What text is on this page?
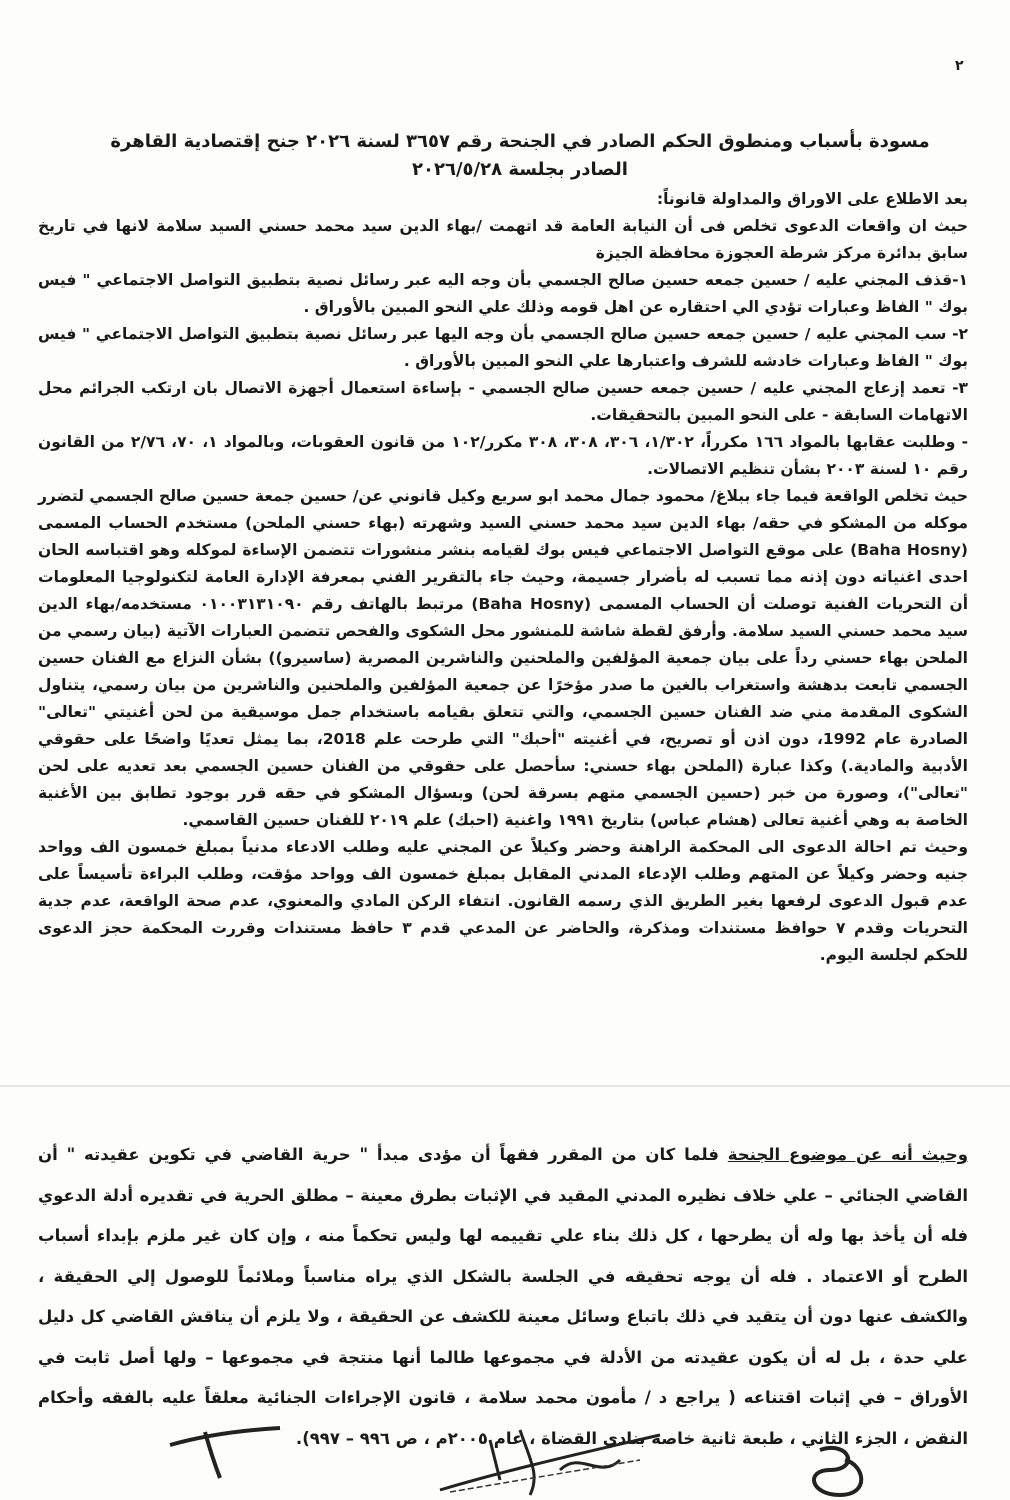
٢
مسودة بأسباب ومنطوق الحكم الصادر في الجنحة رقم ٣٦٥٧ لسنة ٢٠٢٦ جنح إقتصادية القاهرة
الصادر بجلسة ٢٠٢٦/٥/٢٨

بعد الاطلاع على الاوراق والمداولة قانوناً:

حيث ان واقعات الدعوى تخلص فى أن النيابة العامة قد اتهمت /بهاء الدين سيد محمد حسني السيد سلامة لانها في تاريخ سابق بدائرة مركز شرطة العجوزة محافظة الجيزة

١-قذف المجني عليه / حسين جمعه حسين صالح الجسمي بأن وجه اليه عبر رسائل نصية بتطبيق التواصل الاجتماعي " فيس بوك " الفاظ وعبارات تؤدي الي احتقاره عن اهل قومه وذلك علي النحو المبين بالأوراق .

٢- سب المجني عليه / حسين جمعه حسين صالح الجسمي بأن وجه اليها عبر رسائل نصية بتطبيق التواصل الاجتماعي " فيس بوك " الفاظ وعبارات خادشه للشرف واعتبارها علي النحو المبين بالأوراق .

٣- تعمد إزعاج المجني عليه / حسين جمعه حسين صالح الجسمي - بإساءة استعمال أجهزة الاتصال بان ارتكب الجرائم محل الاتهامات السابقة - على النحو المبين بالتحقيقات.

- وطلبت عقابها بالمواد ١٦٦ مكرراً، ١/٣٠٢، ٣٠٦، ٣٠٨، ٣٠٨ مكرر/١٠٢ من قانون العقوبات، وبالمواد ١، ٧٠، ٢/٧٦ من القانون رقم ١٠ لسنة ٢٠٠٣ بشأن تنظيم الاتصالات.

حيث تخلص الواقعة فيما جاء ببلاغ/ محمود جمال محمد ابو سريع وكيل قانوني عن/ حسين جمعة حسين صالح الجسمي لتضرر موكله من المشكو في حقه/ بهاء الدين سيد محمد حسني السيد وشهرته (بهاء حسني الملحن) مستخدم الحساب المسمى (Baha Hosny) على موقع التواصل الاجتماعي فيس بوك لقيامه بنشر منشورات تتضمن الإساءة لموكله وهو اقتباسه الحان احدى اغنياته دون إذنه مما تسبب له بأضرار جسيمة، وحيث جاء بالتقرير الفني بمعرفة الإدارة العامة لتكنولوجيا المعلومات أن التحريات الفنية توصلت أن الحساب المسمى (Baha Hosny) مرتبط بالهاتف رقم ٠١٠٠٣١٣١٠٩٠ مستخدمه/بهاء الدين سيد محمد حسني السيد سلامة. وأرفق لقطة شاشة للمنشور محل الشكوى والفحص تتضمن العبارات الآتية (بيان رسمي من الملحن بهاء حسني رداً على بيان جمعية المؤلفين والملحنين والناشرين المصرية (ساسيرو)) بشأن النزاع مع الفنان حسين الجسمي تابعت بدهشة واستغراب بالغين ما صدر مؤخرًا عن جمعية المؤلفين والملحنين والناشرين من بيان رسمي، يتناول الشكوى المقدمة مني ضد الفنان حسين الجسمي، والتي تتعلق بقيامه باستخدام جمل موسيقية من لحن أغنيتي "تعالى" الصادرة عام 1992، دون اذن أو تصريح، في أغنيته "أحبك" التي طرحت علم 2018، بما يمثل تعديًا واضحًا على حقوقي الأدبية والمادية.) وكذا عبارة (الملحن بهاء حسني: سأحصل على حقوقي من الفنان حسين الجسمي بعد تعديه على لحن "تعالى")، وصورة من خبر (حسين الجسمي متهم بسرقة لحن) وبسؤال المشكو في حقه قرر بوجود تطابق بين الأغنية الخاصة به وهي أغنية تعالى (هشام عباس) بتاريخ ١٩٩١ واغنية (احبك) علم ٢٠١٩ للفنان حسين القاسمي.

وحيث تم احالة الدعوى الى المحكمة الراهنة وحضر وكيلاً عن المجني عليه وطلب الادعاء مدنياً بمبلغ خمسون الف وواحد جنيه وحضر وكيلاً عن المتهم وطلب الإدعاء المدني المقابل بمبلغ خمسون الف وواحد مؤقت، وطلب البراءة تأسيساً على عدم قبول الدعوى لرفعها بغير الطريق الذي رسمه القانون. انتفاء الركن المادي والمعنوي، عدم صحة الواقعة، عدم جدية التحريات وقدم ٧ حوافظ مستندات ومذكرة، والحاضر عن المدعي قدم ٣ حافظ مستندات وقررت المحكمة حجز الدعوى للحكم لجلسة اليوم.

وحيث أنه عن موضوع الجنحة فلما كان من المقرر فقهاً أن مؤدى مبدأ " حرية القاضي في تكوين عقيدته " أن القاضي الجنائي – علي خلاف نظيره المدني المقيد في الإثبات بطرق معينة – مطلق الحرية في تقديره أدلة الدعوي فله أن يأخذ بها وله أن يطرحها ، كل ذلك بناء علي تقييمه لها وليس تحكماً منه ، وإن كان غير ملزم بإبداء أسباب الطرح أو الاعتماد . فله أن يوجه تحقيقه في الجلسة بالشكل الذي يراه مناسباً وملائماً للوصول إلي الحقيقة ، والكشف عنها دون أن يتقيد في ذلك باتباع وسائل معينة للكشف عن الحقيقة ، ولا يلزم أن يناقش القاضي كل دليل علي حدة ، بل له أن يكون عقيدته من الأدلة في مجموعها طالما أنها منتجة في مجموعها – ولها أصل ثابت في الأوراق – في إثبات اقتناعه ( يراجع د / مأمون محمد سلامة ، قانون الإجراءات الجنائية معلقاً عليه بالفقه وأحكام النقض ، الجزء الثاني ، طبعة ثانية خاصة بنادي القضاة ، عام ٢٠٠٥م ، ص ٩٩٦ – ٩٩٧).
